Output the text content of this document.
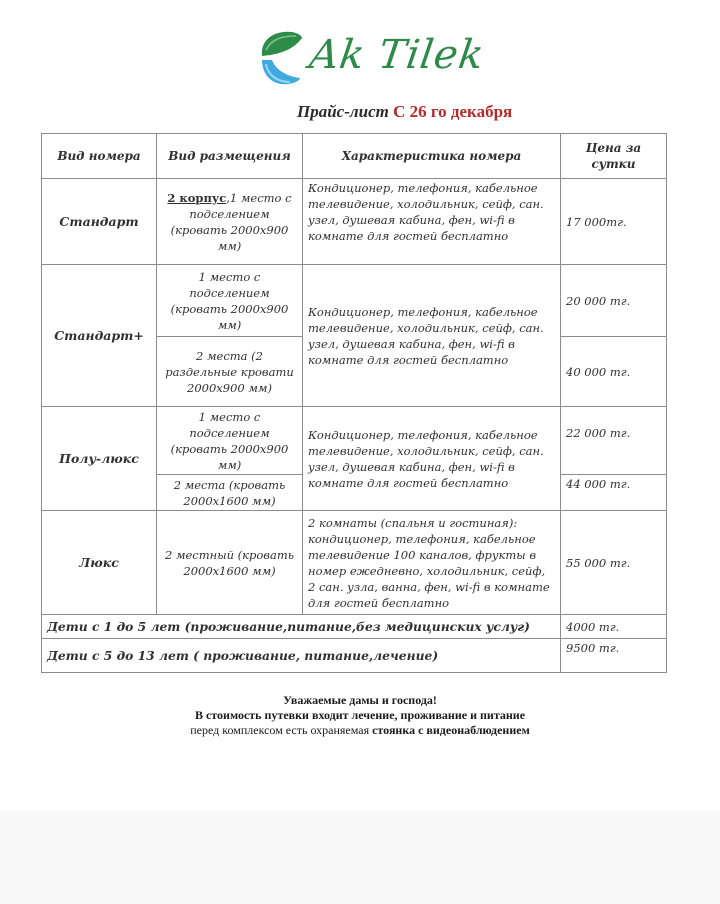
Ak Tilek
Прайс-лист С 26 го декабря
Вид номера	Вид размещения	Характеристика номера	Цена за сутки
Стандарт	2 корпус,1 место с подселением (кровать 2000x900 мм)	Кондиционер, телефония, кабельное телевидение, холодильник, сейф, сан. узел, душевая кабина, фен, wi-fi в комнате для гостей бесплатно	17 000тг.
Стандарт+	1 место с подселением (кровать 2000x900 мм)	Кондиционер, телефония, кабельное телевидение, холодильник, сейф, сан. узел, душевая кабина, фен, wi-fi в комнате для гостей бесплатно	20 000 тг.
	2 места (2 раздельные кровати 2000x900 мм)		40 000 тг.
Полу-люкс	1 место с подселением (кровать 2000x900 мм)	Кондиционер, телефония, кабельное телевидение, холодильник, сейф, сан. узел, душевая кабина, фен, wi-fi в комнате для гостей бесплатно	22 000 тг.
	2 места (кровать 2000x1600 мм)		44 000 тг.
Люкс	2 местный (кровать 2000x1600 мм)	2 комнаты (спальня и гостиная): кондиционер, телефония, кабельное телевидение 100 каналов, фрукты в номер ежедневно, холодильник, сейф, 2 сан. узла, ванна, фен, wi-fi в комнате для гостей бесплатно	55 000 тг.
Дети с 1 до 5 лет (проживание,питание,без медицинских услуг)			4000 тг.
Дети с 5 до 13 лет ( проживание, питание,лечение)			9500 тг.
Уважаемые дамы и господа!
В стоимость путевки входит лечение, проживание и питание
перед комплексом есть охраняемая стоянка с видеонаблюдением
